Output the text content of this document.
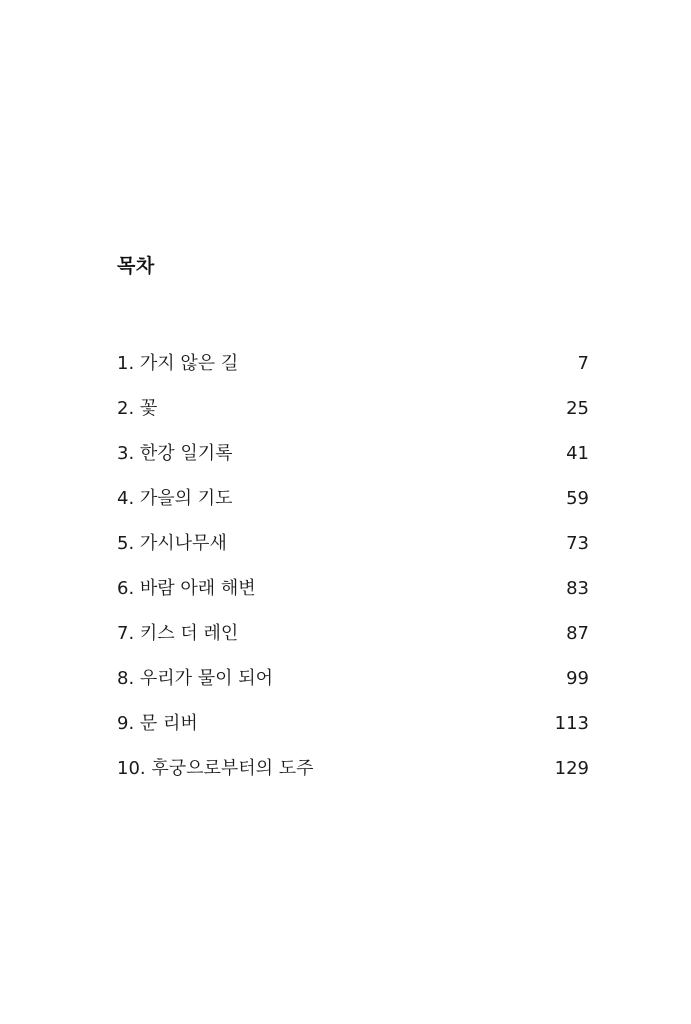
목차
1. 가지 않은 길	7
2. 꽃	25
3. 한강 일기록	41
4. 가을의 기도	59
5. 가시나무새	73
6. 바람 아래 해변	83
7. 키스 더 레인	87
8. 우리가 물이 되어	99
9. 문 리버	113
10. 후궁으로부터의 도주	129
